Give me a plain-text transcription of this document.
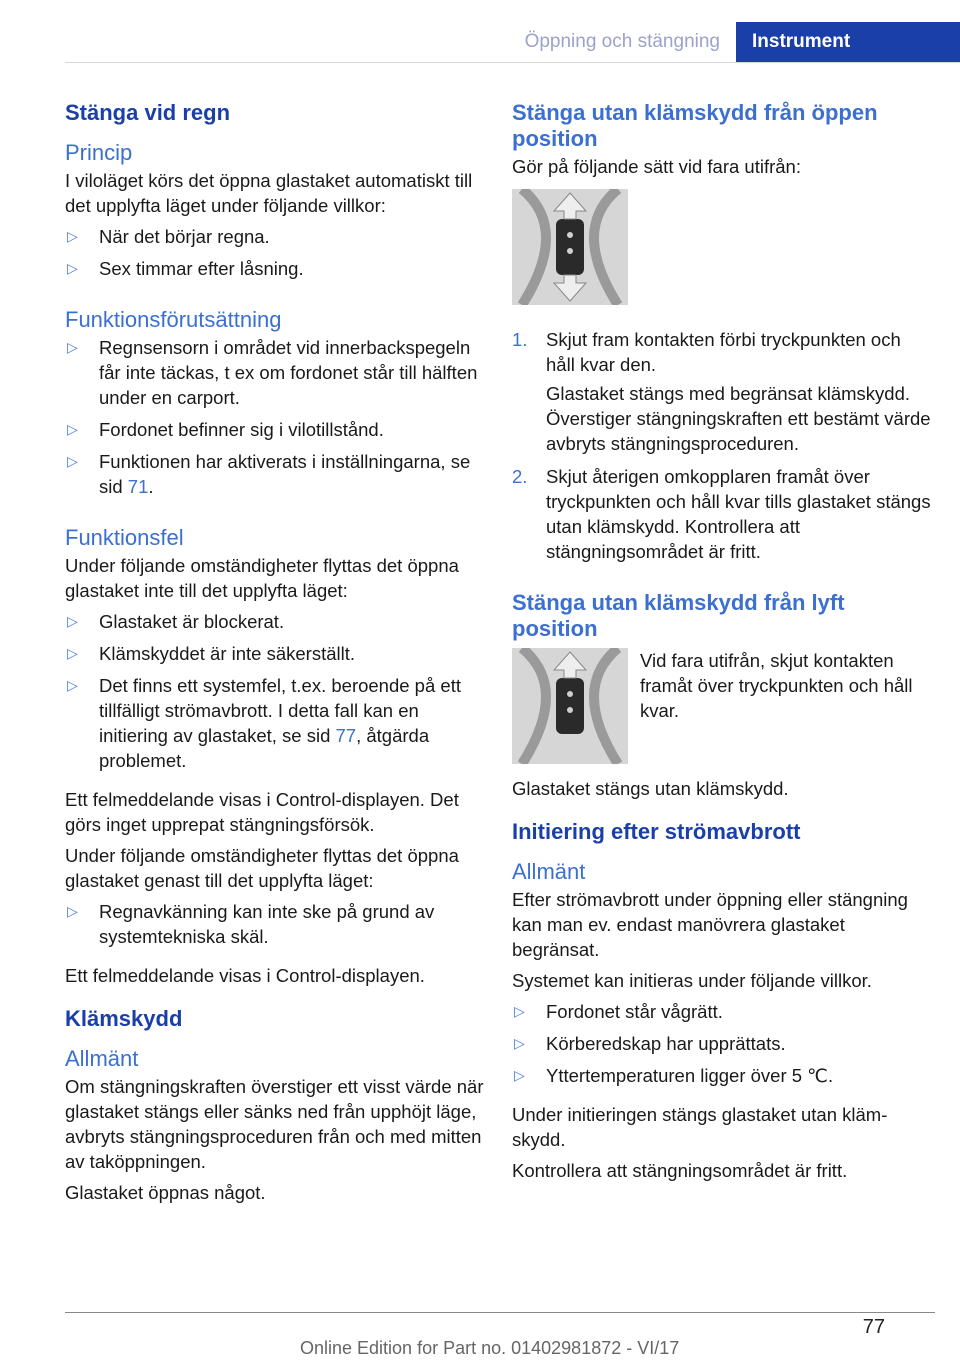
Öppning och stängning	Instrument
Stänga vid regn
Princip

I viloläget körs det öppna glastaket automatiskt till det upplyfta läget under följande villkor:

▷ När det börjar regna.
▷ Sex timmar efter låsning.
Funktionsförutsättning
▷ Regnsensorn i området vid innerbackspegeln får inte täckas, t ex om fordonet står till hälften under en carport.
▷ Fordonet befinner sig i vilotillstånd.
▷ Funktionen har aktiverats i inställningarna, se sid 71.
Funktionsfel

Under följande omständigheter flyttas det öppna glastaket inte till det upplyfta läget:

▷ Glastaket är blockerat.
▷ Klämskyddet är inte säkerställt.
▷ Det finns ett systemfel, t.ex. beroende på ett tillfälligt strömavbrott. I detta fall kan en initiering av glastaket, se sid 77, åtgärda problemet.

Ett felmeddelande visas i Control-displayen. Det görs inget upprepat stängningsförsök.

Under följande omständigheter flyttas det öppna glastaket genast till det upplyfta läget:

▷ Regnavkänning kan inte ske på grund av systemtekniska skäl.

Ett felmeddelande visas i Control-displayen.

Klämskydd
Allmänt

Om stängningskraften överstiger ett visst värde när glastaket stängs eller sänks ned från upphöjt läge, avbryts stängningsproceduren från och med mitten av taköppningen.

Glastaket öppnas något.

Stänga utan klämskydd från öppen position

Gör på följande sätt vid fara utifrån:

1. Skjut fram kontakten förbi tryckpunkten och håll kvar den.

Glastaket stängs med begränsat klämskydd. Överstiger stängningskraften ett bestämt värde avbryts stängningsproceduren.

2. Skjut återigen omkopplaren framåt över tryckpunkten och håll kvar tills glastaket stängs utan klämskydd. Kontrollera att stängningsområdet är fritt.
Stänga utan klämskydd från lyft position

Vid fara utifrån, skjut kontakten framåt över tryckpunkten och håll kvar.

Glastaket stängs utan klämskydd.

Initiering efter strömavbrott
Allmänt

Efter strömavbrott under öppning eller stängning kan man ev. endast manövrera glastaket begränsat.

Systemet kan initieras under följande villkor.

▷ Fordonet står vågrätt.
▷ Körberedskap har upprättats.
▷ Yttertemperaturen ligger över 5 ℃.

Under initieringen stängs glastaket utan klämskydd.

Kontrollera att stängningsområdet är fritt.

77
Online Edition for Part no. 01402981872 - VI/17
